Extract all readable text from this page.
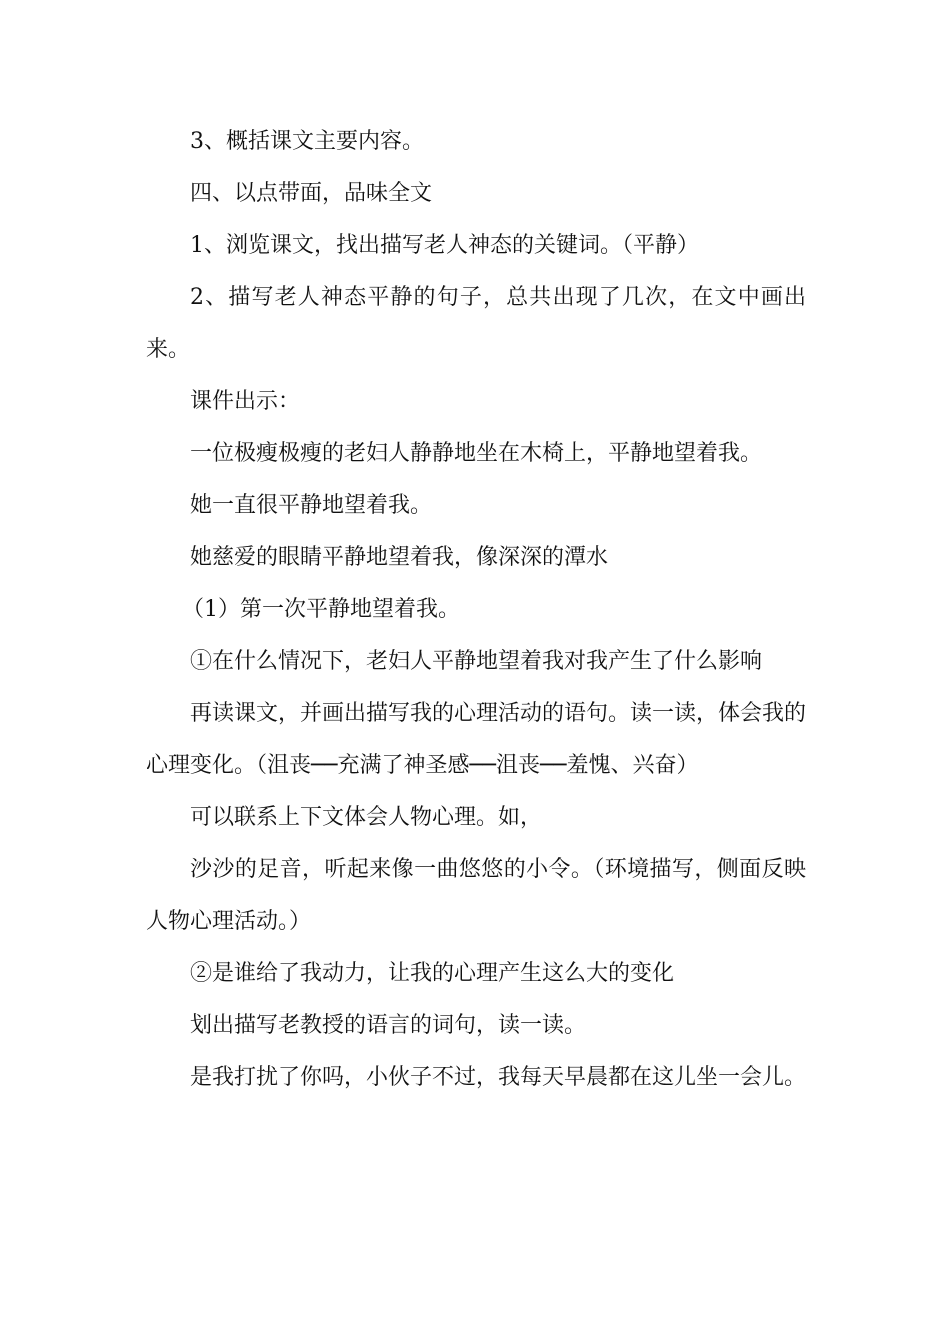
3、概括课文主要内容。

四、以点带面，品味全文

1、浏览课文，找出描写老人神态的关键词。（平静）

2、描写老人神态平静的句子，总共出现了几次，在文中画出来。

课件出示：

一位极瘦极瘦的老妇人静静地坐在木椅上，平静地望着我。

她一直很平静地望着我。

她慈爱的眼睛平静地望着我，像深深的潭水

（1）第一次平静地望着我。

①在什么情况下，老妇人平静地望着我对我产生了什么影响

再读课文，并画出描写我的心理活动的语句。读一读，体会我的心理变化。（沮丧──充满了神圣感──沮丧──羞愧、兴奋）

可以联系上下文体会人物心理。如，

沙沙的足音，听起来像一曲悠悠的小令。（环境描写，侧面反映人物心理活动。）

②是谁给了我动力，让我的心理产生这么大的变化

划出描写老教授的语言的词句，读一读。

是我打扰了你吗，小伙子不过，我每天早晨都在这儿坐一会儿。
